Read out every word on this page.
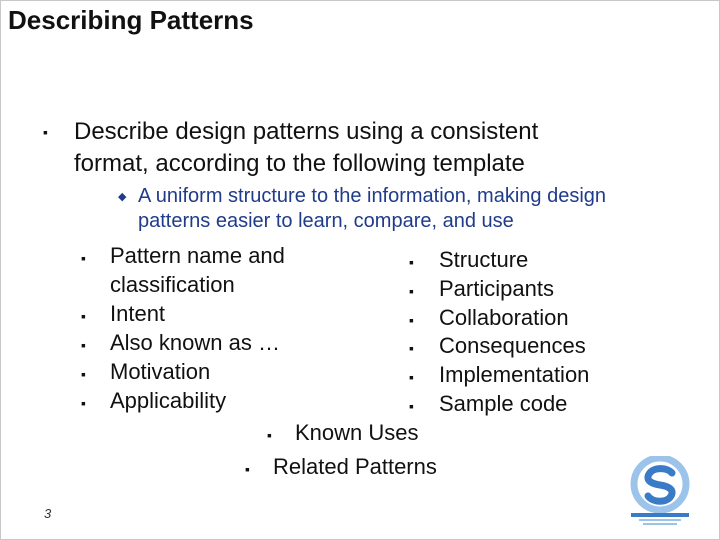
Describing Patterns
▪ Describe design patterns using a consistent
format, according to the following template
◆ A uniform structure to the information, making design
patterns easier to learn, compare, and use
▪ Pattern name and
classification
▪ Intent
▪ Also known as …
▪ Motivation
▪ Applicability
▪ Structure
▪ Participants
▪ Collaboration
▪ Consequences
▪ Implementation
▪ Sample code
▪ Known Uses
▪ Related Patterns
3
